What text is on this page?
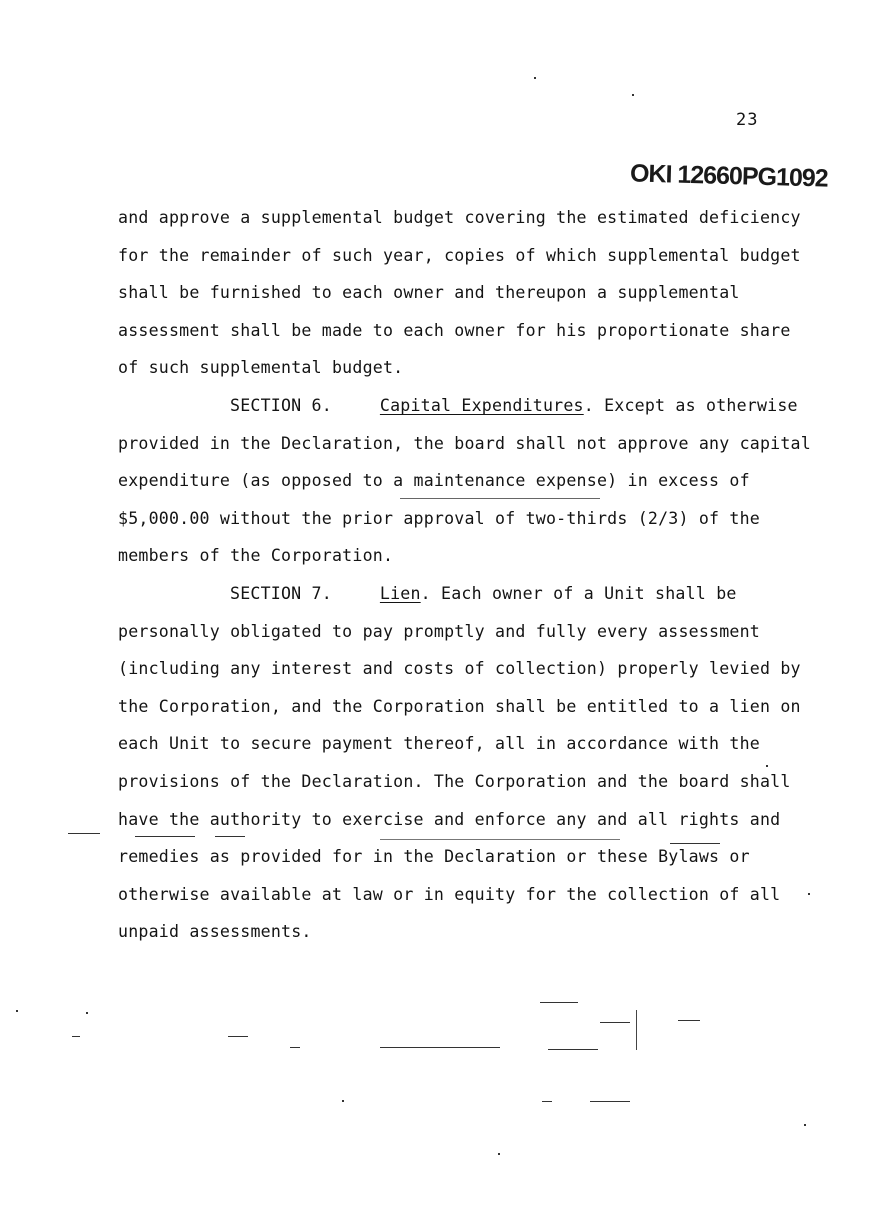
23
OKI 12660PG1092

and approve a supplemental budget covering the estimated deficiency for the remainder of such year, copies of which supplemental budget shall be furnished to each owner and thereupon a supplemental assessment shall be made to each owner for his proportionate share of such supplemental budget.

SECTION 6.	Capital Expenditures. Except as otherwise provided in the Declaration, the board shall not approve any capital expenditure (as opposed to a maintenance expense) in excess of $5,000.00 without the prior approval of two-thirds (2/3) of the members of the Corporation.

SECTION 7.	Lien. Each owner of a Unit shall be personally obligated to pay promptly and fully every assessment (including any interest and costs of collection) properly levied by the Corporation, and the Corporation shall be entitled to a lien on each Unit to secure payment thereof, all in accordance with the provisions of the Declaration. The Corporation and the board shall have the authority to exercise and enforce any and all rights and remedies as provided for in the Declaration or these Bylaws or otherwise available at law or in equity for the collection of all unpaid assessments.
